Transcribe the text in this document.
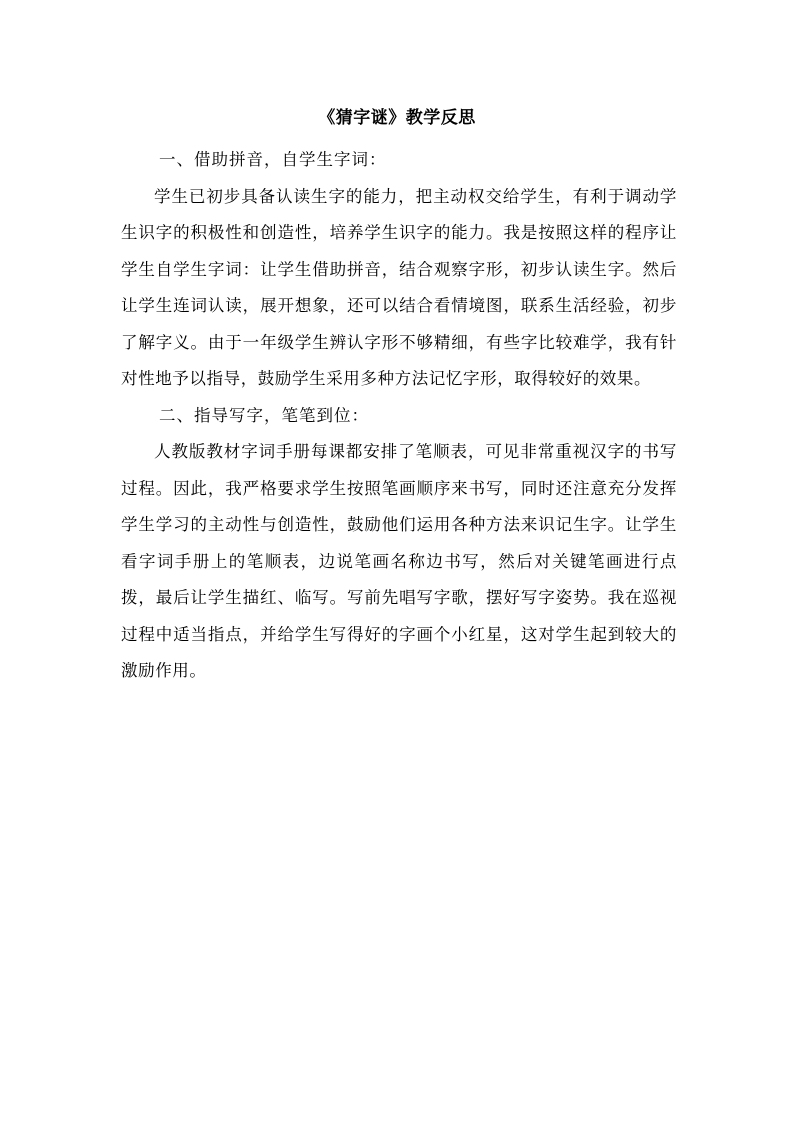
《猜字谜》教学反思

一、借助拼音，自学生字词：

学生已初步具备认读生字的能力，把主动权交给学生，有利于调动学生识字的积极性和创造性，培养学生识字的能力。我是按照这样的程序让学生自学生字词：让学生借助拼音，结合观察字形，初步认读生字。然后让学生连词认读，展开想象，还可以结合看情境图，联系生活经验，初步了解字义。由于一年级学生辨认字形不够精细，有些字比较难学，我有针对性地予以指导，鼓励学生采用多种方法记忆字形，取得较好的效果。

二、指导写字，笔笔到位：

人教版教材字词手册每课都安排了笔顺表，可见非常重视汉字的书写过程。因此，我严格要求学生按照笔画顺序来书写，同时还注意充分发挥学生学习的主动性与创造性，鼓励他们运用各种方法来识记生字。让学生看字词手册上的笔顺表，边说笔画名称边书写，然后对关键笔画进行点拨，最后让学生描红、临写。写前先唱写字歌，摆好写字姿势。我在巡视过程中适当指点，并给学生写得好的字画个小红星，这对学生起到较大的激励作用。
